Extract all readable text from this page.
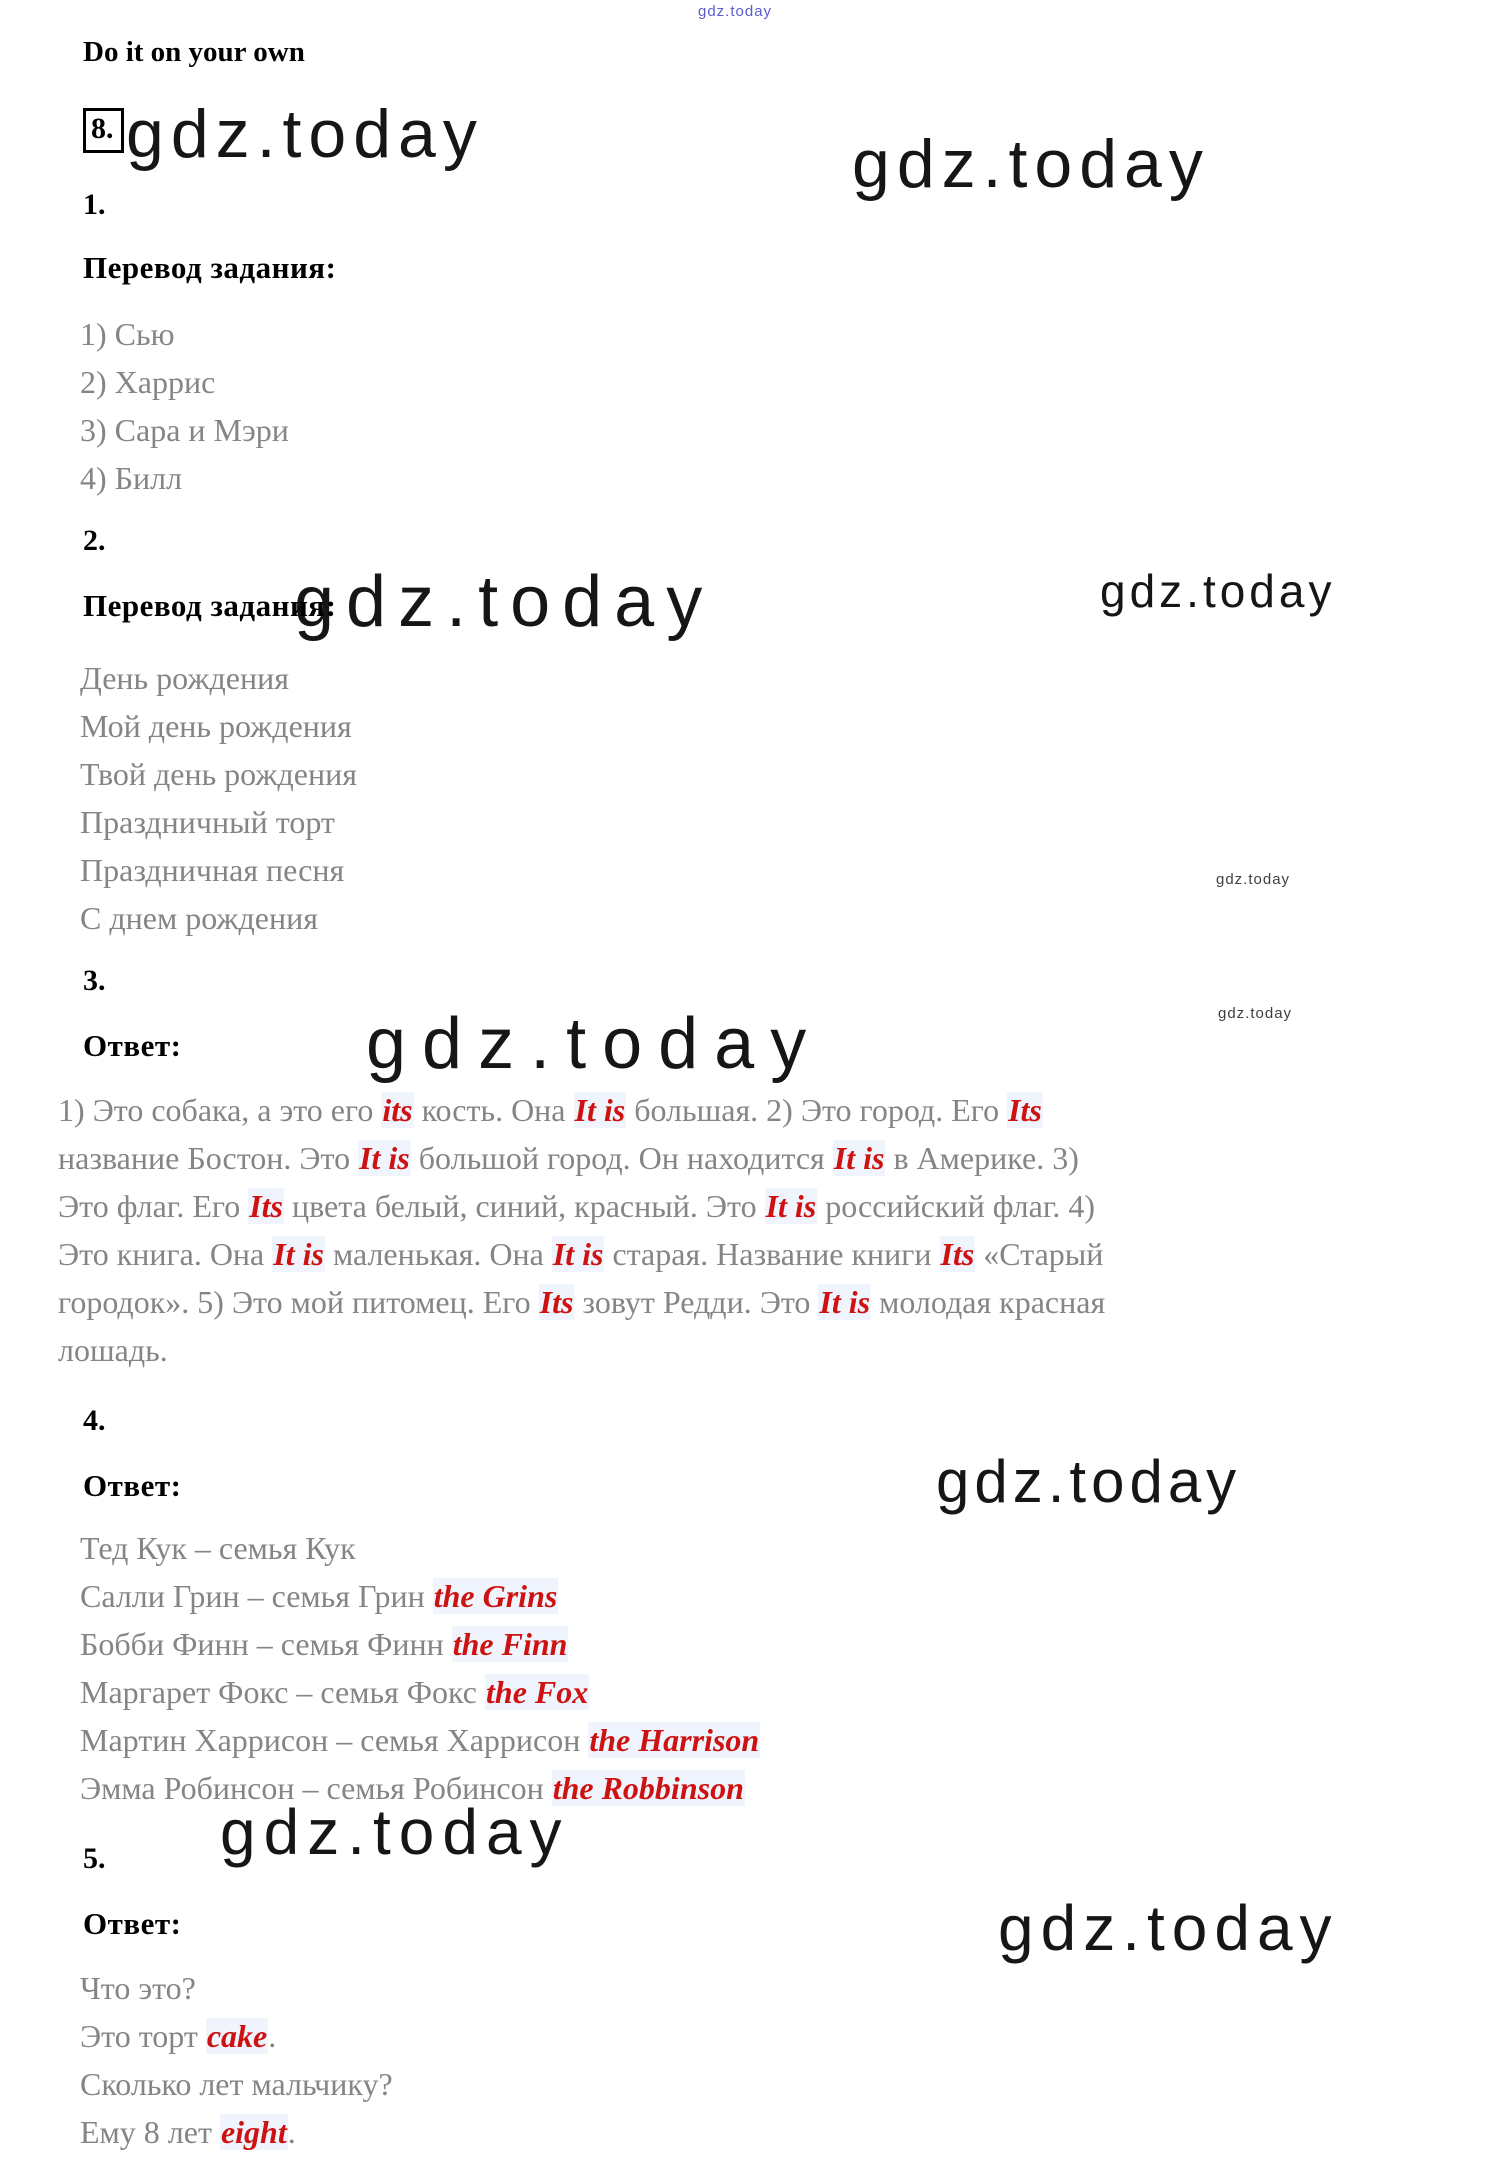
gdz.today
gdz.today	gdz.today
gdz.today	gdz.today
gdz.today
gdz.today
gdz.today
gdz.today
gdz.today
gdz.today
Do it on your own
8.
1.
Перевод задания:
1) Сью
2) Харрис
3) Сара и Мэри
4) Билл
2.
Перевод задания:
День рождения
Мой день рождения
Твой день рождения
Праздничный торт
Праздничная песня
С днем рождения
3.
Ответ:
1) Это собака, а это его its кость. Она It is большая. 2) Это город. Его Its
название Бостон. Это It is большой город. Он находится It is в Америке. 3)
Это флаг. Его Its цвета белый, синий, красный. Это It is российский флаг. 4)
Это книга. Она It is маленькая. Она It is старая. Название книги Its «Старый
городок». 5) Это мой питомец. Его Its зовут Редди. Это It is молодая красная
лошадь.
4.
Ответ:
Тед Кук – семья Кук
Салли Грин – семья Грин the Grins
Бобби Финн – семья Финн the Finn
Маргарет Фокс – семья Фокс the Fox
Мартин Харрисон – семья Харрисон the Harrison
Эмма Робинсон – семья Робинсон the Robbinson
5.
Ответ:
Что это?
Это торт cake.
Сколько лет мальчику?
Ему 8 лет eight.
